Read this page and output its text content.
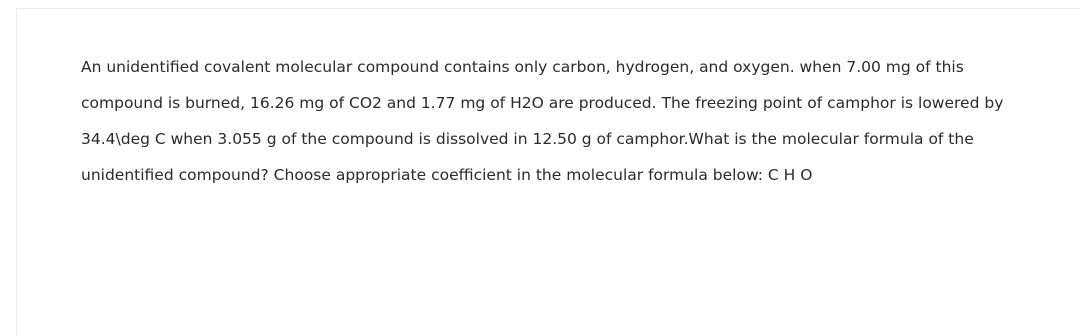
An unidentified covalent molecular compound contains only carbon, hydrogen, and oxygen. when 7.00 mg of this
compound is burned, 16.26 mg of CO2 and 1.77 mg of H2O are produced. The freezing point of camphor is lowered by
34.4\deg C when 3.055 g of the compound is dissolved in 12.50 g of camphor.What is the molecular formula of the
unidentified compound? Choose appropriate coefficient in the molecular formula below: C H O
